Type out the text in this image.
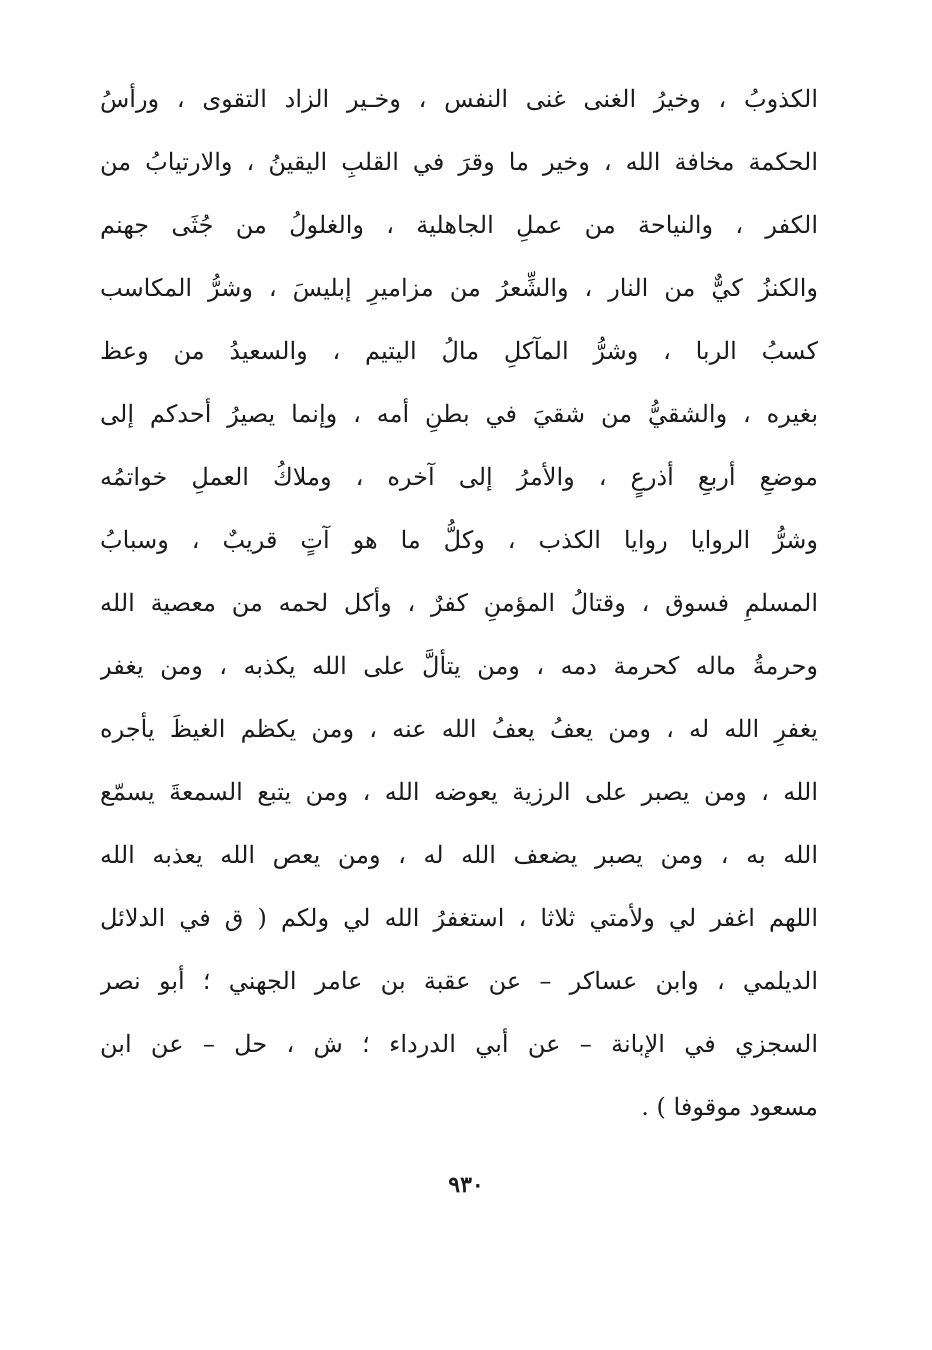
الكذوبُ ، وخيرُ الغنى غنى النفس ، وخـير الزاد التقوى ، ورأسُ
الحكمة مخافة الله ، وخير ما وقرَ في القلبِ اليقينُ ، والارتيابُ من
الكفر ، والنياحة من عملِ الجاهلية ، والغلولُ من جُثَى جهنم
والكنزُ كيٌّ من النار ، والشِّعرُ من مزاميرِ إبليسَ ، وشرُّ المكاسب
كسبُ الربا ، وشرُّ المآكلِ مالُ اليتيم ، والسعيدُ من وعظ
بغيره ، والشقيُّ من شقيَ في بطنِ أمه ، وإنما يصيرُ أحدكم إلى
موضعِ أربعِ أذرعٍ ، والأمرُ إلى آخره ، وملاكُ العملِ خواتمُه
وشرُّ الروايا روايا الكذب ، وكلُّ ما هو آتٍ قريبٌ ، وسبابُ
المسلمِ فسوق ، وقتالُ المؤمنِ كفرٌ ، وأكل لحمه من معصية الله
وحرمةُ ماله كحرمة دمه ، ومن يتألَّ على الله يكذبه ، ومن يغفر
يغفرِ الله له ، ومن يعفُ يعفُ الله عنه ، ومن يكظم الغيظَ يأجره
الله ، ومن يصبر على الرزية يعوضه الله ، ومن يتبع السمعةَ يسمّع
الله به ، ومن يصبر يضعف الله له ، ومن يعص الله يعذبه الله
اللهم اغفر لي ولأمتي ثلاثا ، استغفرُ الله لي ولكم ( ق في الدلائل
الديلمي ، وابن عساكر – عن عقبة بن عامر الجهني ؛ أبو نصر
السجزي في الإبانة – عن أبي الدرداء ؛ ش ، حل – عن ابن
مسعود موقوفا ) .
٩٣٠
